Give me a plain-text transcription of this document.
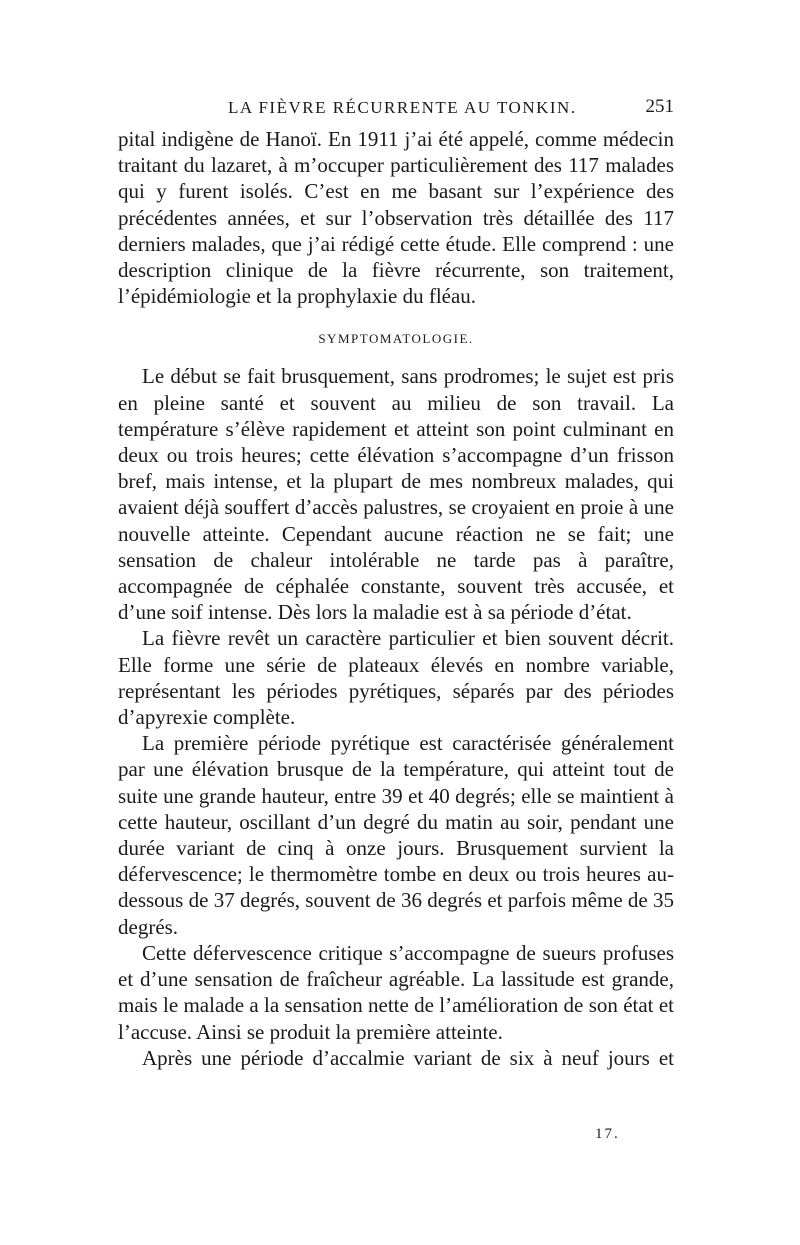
LA FIÈVRE RÉCURRENTE AU TONKIN.	251

pital indigène de Hanoï. En 1911 j’ai été appelé, comme médecin traitant du lazaret, à m’occuper particulièrement des 117 malades qui y furent isolés. C’est en me basant sur l’expérience des précédentes années, et sur l’observation très détaillée des 117 derniers malades, que j’ai rédigé cette étude. Elle comprend : une description clinique de la fièvre récurrente, son traitement, l’épidémiologie et la prophylaxie du fléau.

SYMPTOMATOLOGIE.

Le début se fait brusquement, sans prodromes; le sujet est pris en pleine santé et souvent au milieu de son travail. La température s’élève rapidement et atteint son point culminant en deux ou trois heures; cette élévation s’accompagne d’un frisson bref, mais intense, et la plupart de mes nombreux malades, qui avaient déjà souffert d’accès palustres, se croyaient en proie à une nouvelle atteinte. Cependant aucune réaction ne se fait; une sensation de chaleur intolérable ne tarde pas à paraître, accompagnée de céphalée constante, souvent très accusée, et d’une soif intense. Dès lors la maladie est à sa période d’état.

La fièvre revêt un caractère particulier et bien souvent décrit. Elle forme une série de plateaux élevés en nombre variable, représentant les périodes pyrétiques, séparés par des périodes d’apyrexie complète.

La première période pyrétique est caractérisée généralement par une élévation brusque de la température, qui atteint tout de suite une grande hauteur, entre 39 et 40 degrés; elle se maintient à cette hauteur, oscillant d’un degré du matin au soir, pendant une durée variant de cinq à onze jours. Brusquement survient la défervescence; le thermomètre tombe en deux ou trois heures au-dessous de 37 degrés, souvent de 36 degrés et parfois même de 35 degrés.

Cette défervescence critique s’accompagne de sueurs profuses et d’une sensation de fraîcheur agréable. La lassitude est grande, mais le malade a la sensation nette de l’amélioration de son état et l’accuse. Ainsi se produit la première atteinte.

Après une période d’accalmie variant de six à neuf jours et

17.
